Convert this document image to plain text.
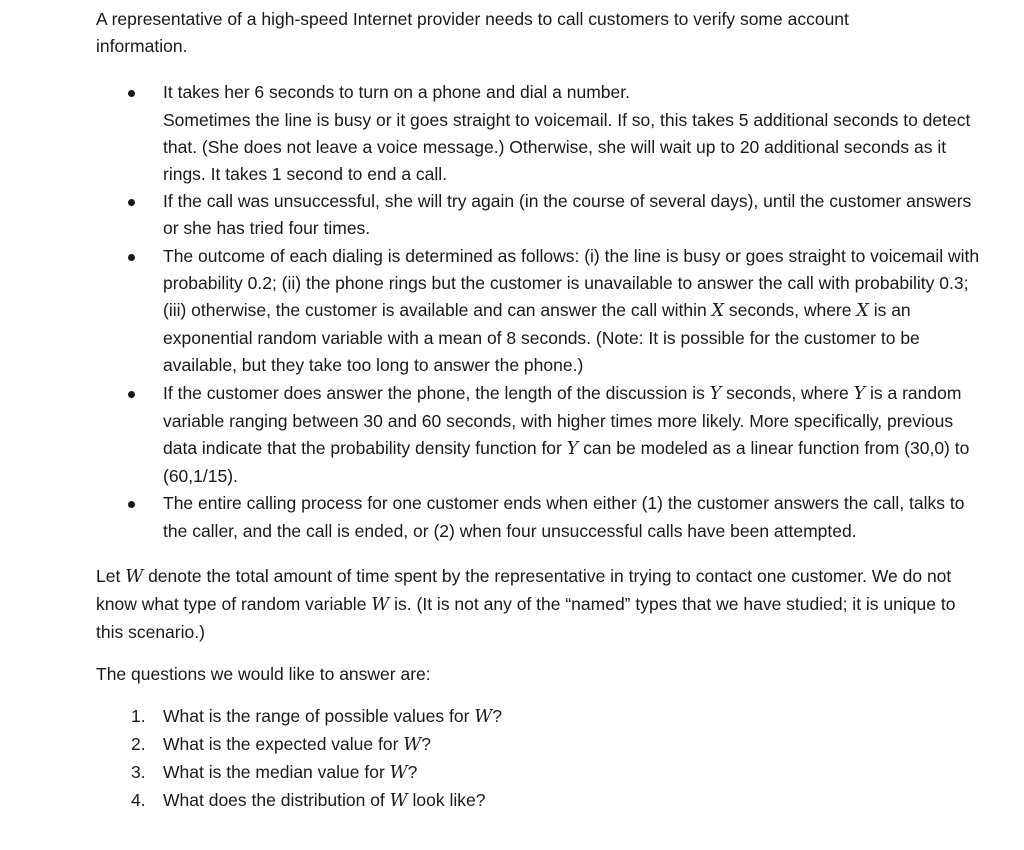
A representative of a high-speed Internet provider needs to call customers to verify some account
information.

It takes her 6 seconds to turn on a phone and dial a number.
Sometimes the line is busy or it goes straight to voicemail. If so, this takes 5 additional seconds to detect that. (She does not leave a voice message.) Otherwise, she will wait up to 20 additional seconds as it rings. It takes 1 second to end a call.
If the call was unsuccessful, she will try again (in the course of several days), until the customer answers or she has tried four times.
The outcome of each dialing is determined as follows: (i) the line is busy or goes straight to voicemail with probability 0.2; (ii) the phone rings but the customer is unavailable to answer the call with probability 0.3; (iii) otherwise, the customer is available and can answer the call within X seconds, where X is an exponential random variable with a mean of 8 seconds. (Note: It is possible for the customer to be available, but they take too long to answer the phone.)
If the customer does answer the phone, the length of the discussion is Y seconds, where Y is a random variable ranging between 30 and 60 seconds, with higher times more likely. More specifically, previous data indicate that the probability density function for Y can be modeled as a linear function from (30,0) to (60,1/15).
The entire calling process for one customer ends when either (1) the customer answers the call, talks to the caller, and the call is ended, or (2) when four unsuccessful calls have been attempted.

Let W denote the total amount of time spent by the representative in trying to contact one customer. We do not know what type of random variable W is. (It is not any of the “named” types that we have studied; it is unique to this scenario.)

The questions we would like to answer are:

1. What is the range of possible values for W?
2. What is the expected value for W?
3. What is the median value for W?
4. What does the distribution of W look like?
